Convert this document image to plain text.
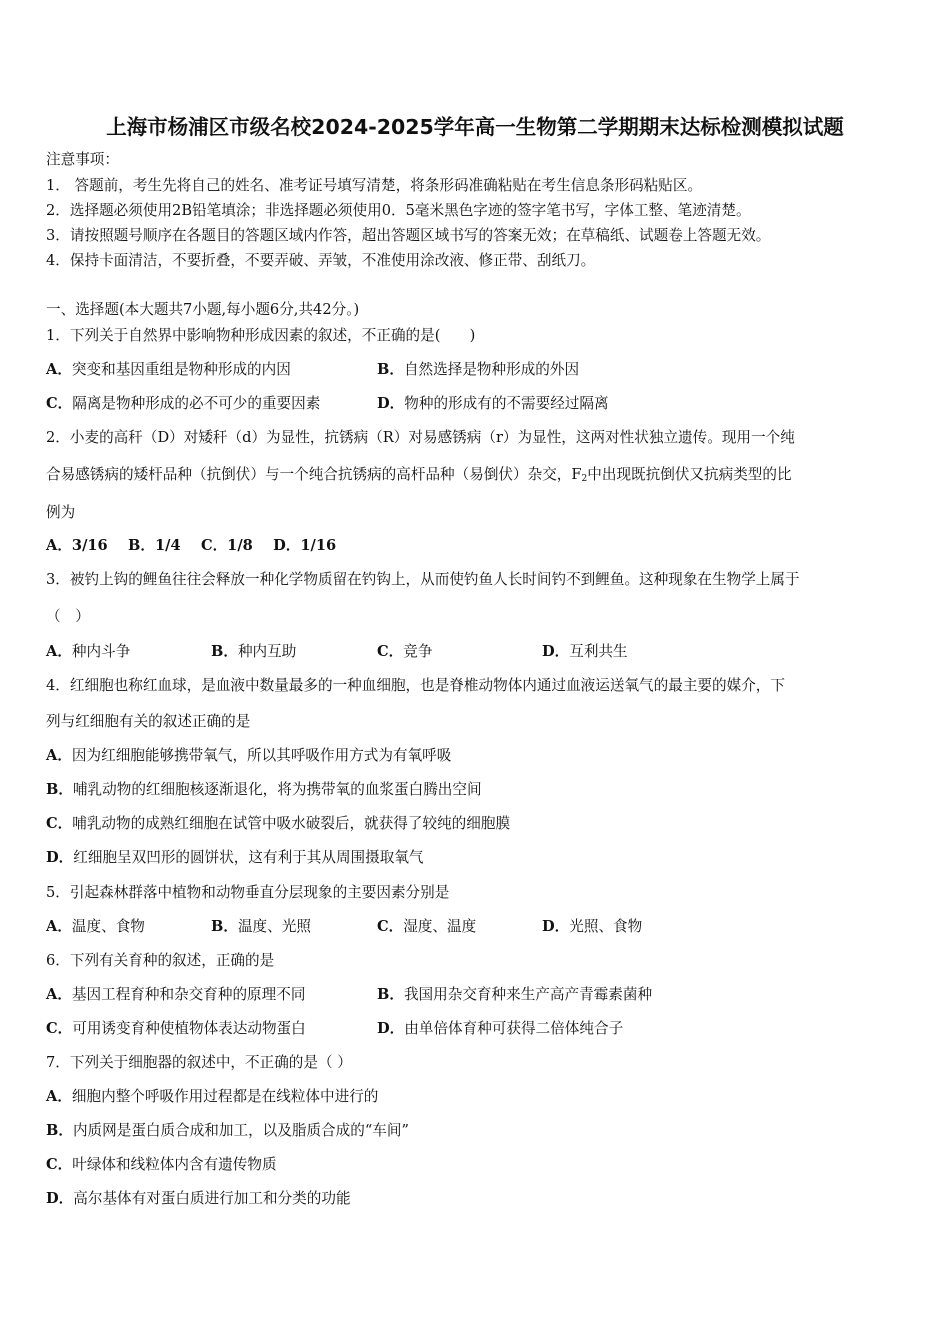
上海市杨浦区市级名校2024-2025学年高一生物第二学期期末达标检测模拟试题
注意事项：
1． 答题前，考生先将自己的姓名、准考证号填写清楚，将条形码准确粘贴在考生信息条形码粘贴区。
2．选择题必须使用2B铅笔填涂；非选择题必须使用0．5毫米黑色字迹的签字笔书写，字体工整、笔迹清楚。
3．请按照题号顺序在各题目的答题区域内作答，超出答题区域书写的答案无效；在草稿纸、试题卷上答题无效。
4．保持卡面清洁，不要折叠，不要弄破、弄皱，不准使用涂改液、修正带、刮纸刀。
一、选择题(本大题共7小题,每小题6分,共42分。)
1．下列关于自然界中影响物种形成因素的叙述，不正确的是(　　)
A．突变和基因重组是物种形成的内因	B．自然选择是物种形成的外因
C．隔离是物种形成的必不可少的重要因素	D．物种的形成有的不需要经过隔离
2．小麦的高秆（D）对矮秆（d）为显性，抗锈病（R）对易感锈病（r）为显性，这两对性状独立遗传。现用一个纯
合易感锈病的矮杆品种（抗倒伏）与一个纯合抗锈病的高杆品种（易倒伏）杂交，$F_2$中出现既抗倒伏又抗病类型的比
例为
A．3/16 B．1/4 C．1/8 D．1/16
3．被钓上钩的鲤鱼往往会释放一种化学物质留在钓钩上，从而使钓鱼人长时间钓不到鲤鱼。这种现象在生物学上属于
（　）
A．种内斗争	B．种内互助	C．竞争	D．互利共生
4．红细胞也称红血球，是血液中数量最多的一种血细胞，也是脊椎动物体内通过血液运送氧气的最主要的媒介，下
列与红细胞有关的叙述正确的是
A．因为红细胞能够携带氧气，所以其呼吸作用方式为有氧呼吸
B．哺乳动物的红细胞核逐渐退化，将为携带氧的血浆蛋白腾出空间
C．哺乳动物的成熟红细胞在试管中吸水破裂后，就获得了较纯的细胞膜
D．红细胞呈双凹形的圆饼状，这有利于其从周围摄取氧气
5．引起森林群落中植物和动物垂直分层现象的主要因素分别是
A．温度、食物	B．温度、光照	C．湿度、温度	D．光照、食物
6．下列有关育种的叙述，正确的是
A．基因工程育种和杂交育种的原理不同	B．我国用杂交育种来生产高产青霉素菌种
C．可用诱变育种使植物体表达动物蛋白	D．由单倍体育种可获得二倍体纯合子
7．下列关于细胞器的叙述中，不正确的是（ ）
A．细胞内整个呼吸作用过程都是在线粒体中进行的
B．内质网是蛋白质合成和加工，以及脂质合成的“车间”
C．叶绿体和线粒体内含有遗传物质
D．高尔基体有对蛋白质进行加工和分类的功能
